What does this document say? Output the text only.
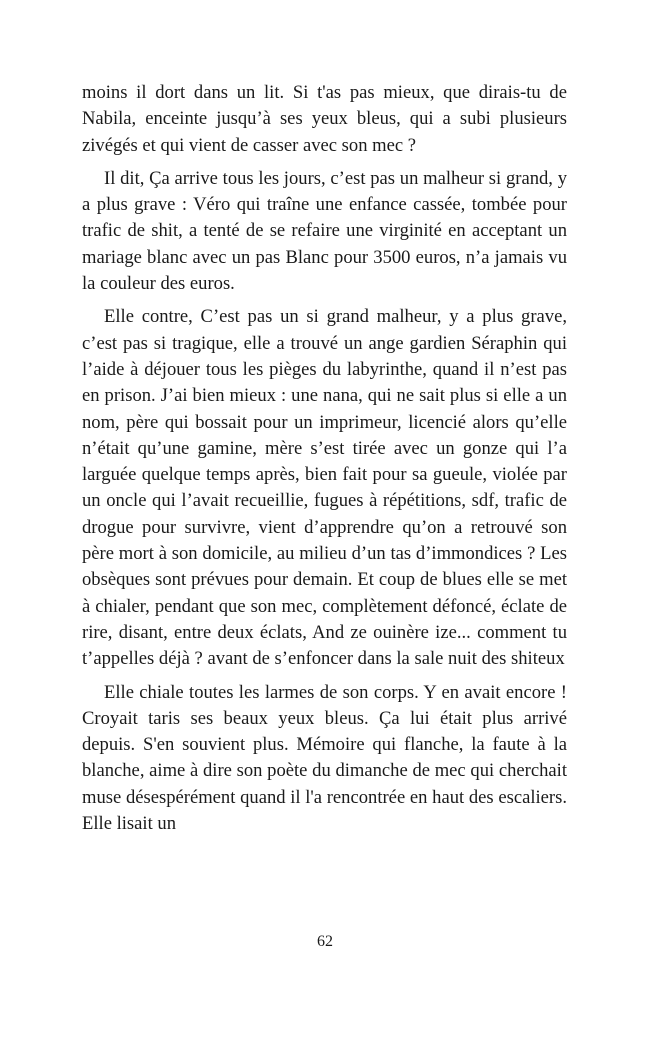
moins il dort dans un lit. Si t'as pas mieux, que dirais-tu de Nabila, enceinte jusqu’à ses yeux bleus, qui a subi plusieurs zivégés et qui vient de casser avec son mec ?

Il dit, Ça arrive tous les jours, c’est pas un malheur si grand, y a plus grave : Véro qui traîne une enfance cassée, tombée pour trafic de shit, a tenté de se refaire une virginité en acceptant un mariage blanc avec un pas Blanc pour 3500 euros, n’a jamais vu la couleur des euros.

Elle contre, C’est pas un si grand malheur, y a plus grave, c’est pas si tragique, elle a trouvé un ange gardien Séraphin qui l’aide à déjouer tous les pièges du labyrinthe, quand il n’est pas en prison. J’ai bien mieux : une nana, qui ne sait plus si elle a un nom, père qui bossait pour un imprimeur, licencié alors qu’elle n’était qu’une gamine, mère s’est tirée avec un gonze qui l’a larguée quelque temps après, bien fait pour sa gueule, violée par un oncle qui l’avait recueillie, fugues à répétitions, sdf, trafic de drogue pour survivre, vient d’apprendre qu’on a retrouvé son père mort à son domicile, au milieu d’un tas d’immondices ? Les obsèques sont prévues pour demain. Et coup de blues elle se met à chialer, pendant que son mec, complètement défoncé, éclate de rire, disant, entre deux éclats, And ze ouinère ize... comment tu t’appelles déjà ? avant de s’enfoncer dans la sale nuit des shiteux

Elle chiale toutes les larmes de son corps. Y en avait encore ! Croyait taris ses beaux yeux bleus. Ça lui était plus arrivé depuis. S'en souvient plus. Mémoire qui flanche, la faute à la blanche, aime à dire son poète du dimanche de mec qui cherchait muse désespérément quand il l'a rencontrée en haut des escaliers. Elle lisait un

62
